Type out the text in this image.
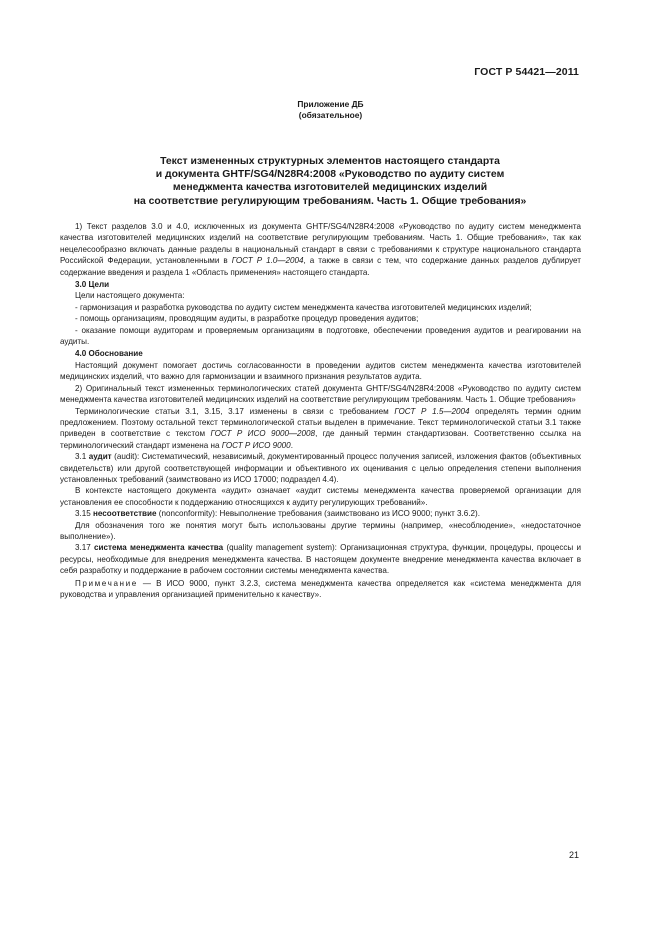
ГОСТ Р 54421—2011
Приложение ДБ
(обязательное)
Текст измененных структурных элементов настоящего стандарта
и документа GHTF/SG4/N28R4:2008 «Руководство по аудиту систем
менеджмента качества изготовителей медицинских изделий
на соответствие регулирующим требованиям. Часть 1. Общие требования»

1) Текст разделов 3.0 и 4.0, исключенных из документа GHTF/SG4/N28R4:2008 «Руководство по аудиту систем менеджмента качества изготовителей медицинских изделий на соответствие регулирующим требованиям. Часть 1. Общие требования», так как нецелесообразно включать данные разделы в национальный стандарт в связи с требованиями к структуре национального стандарта Российской Федерации, установленными в ГОСТ Р 1.0—2004, а также в связи с тем, что содержание данных разделов дублирует содержание введения и раздела 1 «Область применения» настоящего стандарта.

3.0 Цели

Цели настоящего документа:

- гармонизация и разработка руководства по аудиту систем менеджмента качества изготовителей медицинских изделий;

- помощь организациям, проводящим аудиты, в разработке процедур проведения аудитов;

- оказание помощи аудиторам и проверяемым организациям в подготовке, обеспечении проведения аудитов и реагировании на аудиты.

4.0 Обоснование

Настоящий документ помогает достичь согласованности в проведении аудитов систем менеджмента качества изготовителей медицинских изделий, что важно для гармонизации и взаимного признания результатов аудита.

2) Оригинальный текст измененных терминологических статей документа GHTF/SG4/N28R4:2008 «Руководство по аудиту систем менеджмента качества изготовителей медицинских изделий на соответствие регулирующим требованиям. Часть 1. Общие требования»

Терминологические статьи 3.1, 3.15, 3.17 изменены в связи с требованием ГОСТ Р 1.5—2004 определять термин одним предложением. Поэтому остальной текст терминологической статьи выделен в примечание. Текст терминологической статьи 3.1 также приведен в соответствие с текстом ГОСТ Р ИСО 9000—2008, где данный термин стандартизован. Соответственно ссылка на терминологический стандарт изменена на ГОСТ Р ИСО 9000.

3.1 аудит (audit): Систематический, независимый, документированный процесс получения записей, изложения фактов (объективных свидетельств) или другой соответствующей информации и объективного их оценивания с целью определения степени выполнения установленных требований (заимствовано из ИСО 17000; подраздел 4.4).

В контексте настоящего документа «аудит» означает «аудит системы менеджмента качества проверяемой организации для установления ее способности к поддержанию относящихся к аудиту регулирующих требований».

3.15 несоответствие (nonconformity): Невыполнение требования (заимствовано из ИСО 9000; пункт 3.6.2).

Для обозначения того же понятия могут быть использованы другие термины (например, «несоблюдение», «недостаточное выполнение»).

3.17 система менеджмента качества (quality management system): Организационная структура, функции, процедуры, процессы и ресурсы, необходимые для внедрения менеджмента качества. В настоящем документе внедрение менеджмента качества включает в себя разработку и поддержание в рабочем состоянии системы менеджмента качества.

Примечание — В ИСО 9000, пункт 3.2.3, система менеджмента качества определяется как «система менеджмента для руководства и управления организацией применительно к качеству».

21
